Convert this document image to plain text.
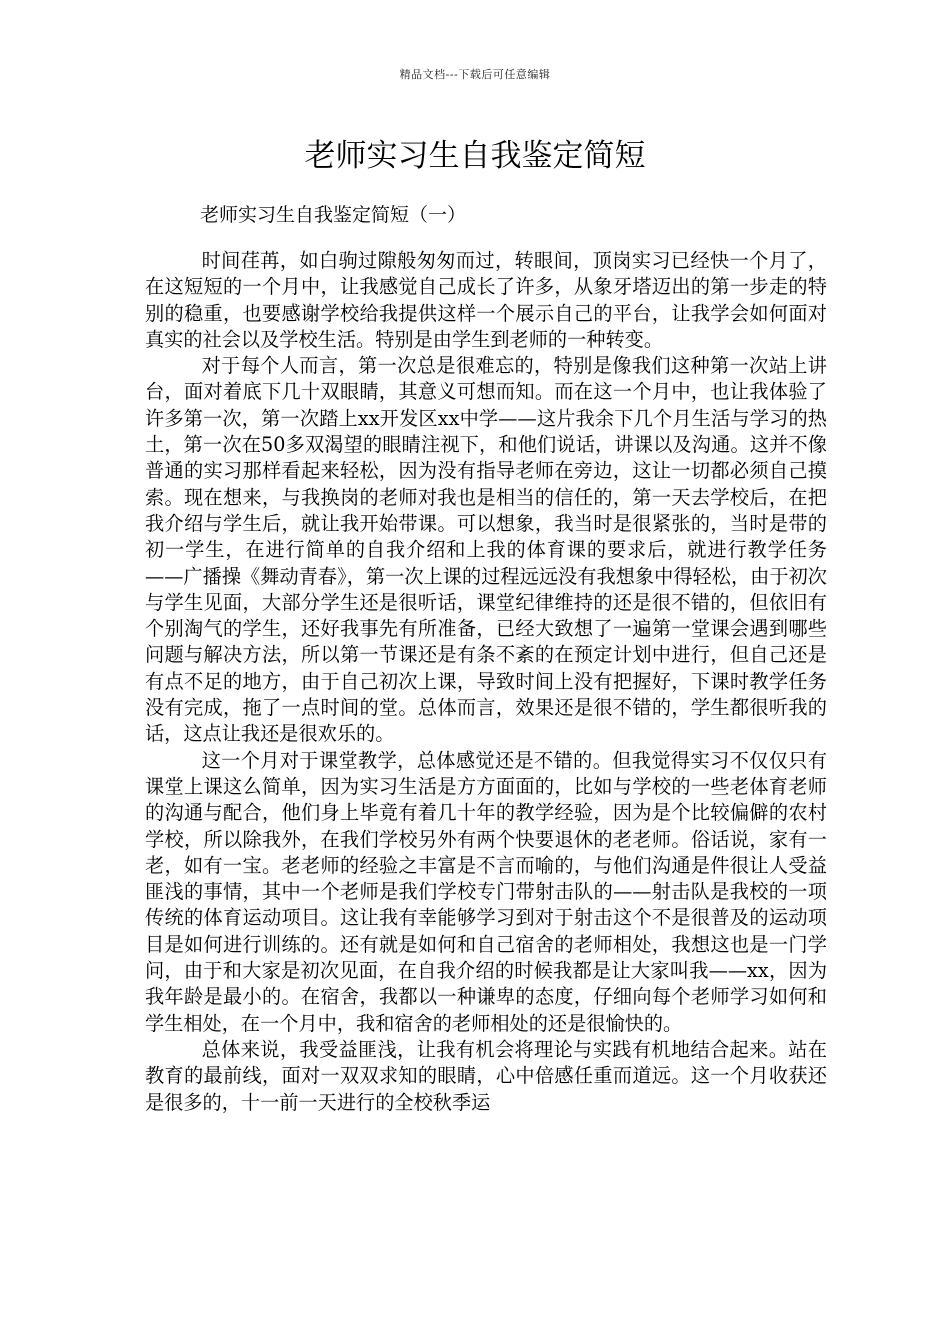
精品文档---下载后可任意编辑
老师实习生自我鉴定简短

老师实习生自我鉴定简短（一）

时间荏苒，如白驹过隙般匆匆而过，转眼间，顶岗实习已经快一个月了，在这短短的一个月中，让我感觉自己成长了许多，从象牙塔迈出的第一步走的特别的稳重，也要感谢学校给我提供这样一个展示自己的平台，让我学会如何面对真实的社会以及学校生活。特别是由学生到老师的一种转变。

对于每个人而言，第一次总是很难忘的，特别是像我们这种第一次站上讲台，面对着底下几十双眼睛，其意义可想而知。而在这一个月中，也让我体验了许多第一次，第一次踏上xx开发区xx中学——这片我余下几个月生活与学习的热土，第一次在50多双渴望的眼睛注视下，和他们说话，讲课以及沟通。这并不像普通的实习那样看起来轻松，因为没有指导老师在旁边，这让一切都必须自己摸索。现在想来，与我换岗的老师对我也是相当的信任的，第一天去学校后，在把我介绍与学生后，就让我开始带课。可以想象，我当时是很紧张的，当时是带的初一学生，在进行简单的自我介绍和上我的体育课的要求后，就进行教学任务——广播操《舞动青春》，第一次上课的过程远远没有我想象中得轻松，由于初次与学生见面，大部分学生还是很听话，课堂纪律维持的还是很不错的，但依旧有个别淘气的学生，还好我事先有所准备，已经大致想了一遍第一堂课会遇到哪些问题与解决方法，所以第一节课还是有条不紊的在预定计划中进行，但自己还是有点不足的地方，由于自己初次上课，导致时间上没有把握好，下课时教学任务没有完成，拖了一点时间的堂。总体而言，效果还是很不错的，学生都很听我的话，这点让我还是很欢乐的。

这一个月对于课堂教学，总体感觉还是不错的。但我觉得实习不仅仅只有课堂上课这么简单，因为实习生活是方方面面的，比如与学校的一些老体育老师的沟通与配合，他们身上毕竟有着几十年的教学经验，因为是个比较偏僻的农村学校，所以除我外，在我们学校另外有两个快要退休的老老师。俗话说，家有一老，如有一宝。老老师的经验之丰富是不言而喻的，与他们沟通是件很让人受益匪浅的事情，其中一个老师是我们学校专门带射击队的——射击队是我校的一项传统的体育运动项目。这让我有幸能够学习到对于射击这个不是很普及的运动项目是如何进行训练的。还有就是如何和自己宿舍的老师相处，我想这也是一门学问，由于和大家是初次见面，在自我介绍的时候我都是让大家叫我——xx，因为我年龄是最小的。在宿舍，我都以一种谦卑的态度，仔细向每个老师学习如何和学生相处，在一个月中，我和宿舍的老师相处的还是很愉快的。

总体来说，我受益匪浅，让我有机会将理论与实践有机地结合起来。站在教育的最前线，面对一双双求知的眼睛，心中倍感任重而道远。这一个月收获还是很多的，十一前一天进行的全校秋季运
